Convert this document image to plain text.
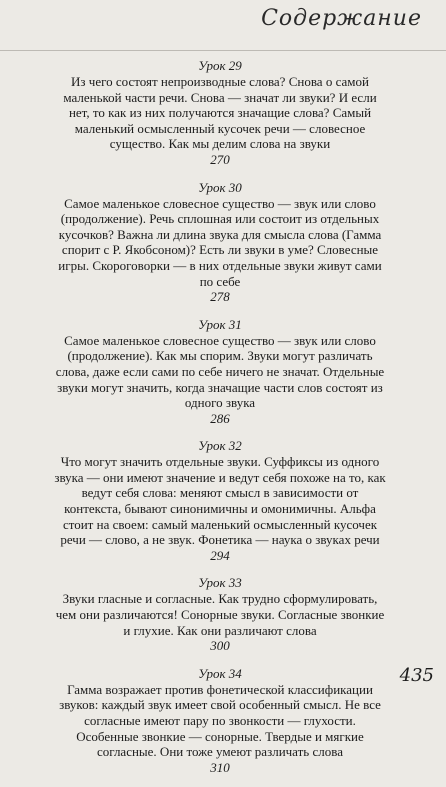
Содержание
Урок 29
Из чего состоят непроизводные слова? Снова о самой маленькой части речи. Снова — значат ли звуки? И если нет, то как из них получаются значащие слова? Самый маленький осмысленный кусочек речи — словесное существо. Как мы делим слова на звуки
270
Урок 30
Самое маленькое словесное существо — звук или слово (продолжение). Речь сплошная или состоит из отдельных кусочков? Важна ли длина звука для смысла слова (Гамма спорит с Р. Якобсоном)? Есть ли звуки в уме? Словесные игры. Скороговорки — в них отдельные звуки живут сами по себе
278
Урок 31
Самое маленькое словесное существо — звук или слово (продолжение). Как мы спорим. Звуки могут различать слова, даже если сами по себе ничего не значат. Отдельные звуки могут значить, когда значащие части слов состоят из одного звука
286
Урок 32
Что могут значить отдельные звуки. Суффиксы из одного звука — они имеют значение и ведут себя похоже на то, как ведут себя слова: меняют смысл в зависимости от контекста, бывают синонимичны и омонимичны. Альфа стоит на своем: самый маленький осмысленный кусочек речи — слово, а не звук. Фонетика — наука о звуках речи
294
Урок 33
Звуки гласные и согласные. Как трудно сформулировать, чем они различаются! Сонорные звуки. Согласные звонкие и глухие. Как они различают слова
300
Урок 34
Гамма возражает против фонетической классификации звуков: каждый звук имеет свой особенный смысл. Не все согласные имеют пару по звонкости — глухости. Особенные звонкие — сонорные. Твердые и мягкие согласные. Они тоже умеют различать слова
310
435
